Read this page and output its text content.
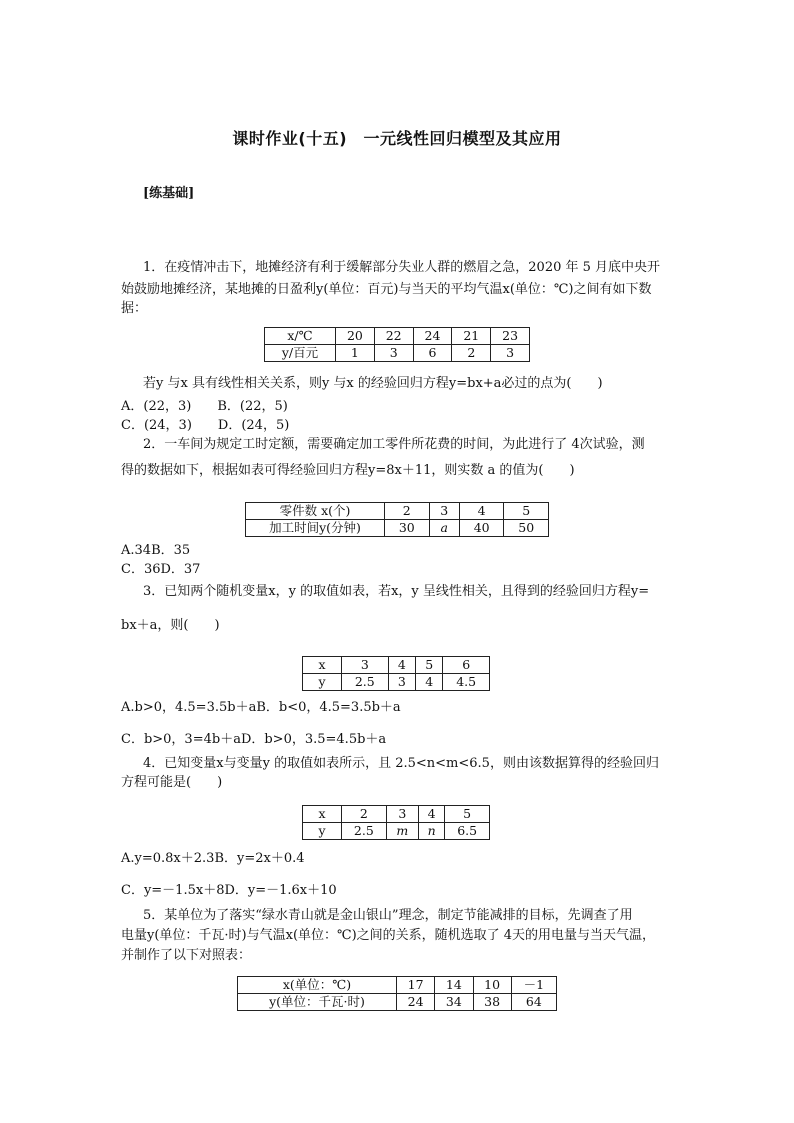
课时作业(十五)　一元线性回归模型及其应用
[练基础]
1．在疫情冲击下，地摊经济有利于缓解部分失业人群的燃眉之急，2020 年 5 月底中央开
始鼓励地摊经济，某地摊的日盈利y(单位：百元)与当天的平均气温x(单位：℃)之间有如下数
据：
x/℃	20	22	24	21	23
y/百元	1	3	6	2	3
若y 与x 具有线性相关关系，则y 与x 的经验回归方程y=bx+a必过的点为(　　)
A．(22，3)　　B．(22，5)
C．(24，3)　　D．(24，5)
2．一车间为规定工时定额，需要确定加工零件所花费的时间，为此进行了 4次试验，测
得的数据如下，根据如表可得经验回归方程y=8x＋11，则实数 a 的值为(　　)
零件数 x(个)	2	3	4	5
加工时间y(分钟)	30	a	40	50
A.34B．35
C．36D．37
3．已知两个随机变量x，y 的取值如表，若x，y 呈线性相关，且得到的经验回归方程y=
bx＋a，则(　　)
x	3	4	5	6
y	2.5	3	4	4.5
A.b>0，4.5=3.5b＋aB．b<0，4.5=3.5b＋a
C．b>0，3=4b＋aD．b>0，3.5=4.5b＋a
4．已知变量x与变量y 的取值如表所示，且 2.5<n<m<6.5，则由该数据算得的经验回归
方程可能是(　　)
x	2	3	4	5
y	2.5	m	n	6.5
A.y=0.8x＋2.3B．y=2x＋0.4
C．y=－1.5x＋8D．y=－1.6x＋10
5．某单位为了落实“绿水青山就是金山银山”理念，制定节能减排的目标，先调查了用
电量y(单位：千瓦·时)与气温x(单位：℃)之间的关系，随机选取了 4天的用电量与当天气温，
并制作了以下对照表：
x(单位：℃)	17	14	10	－1
y(单位：千瓦·时)	24	34	38	64
